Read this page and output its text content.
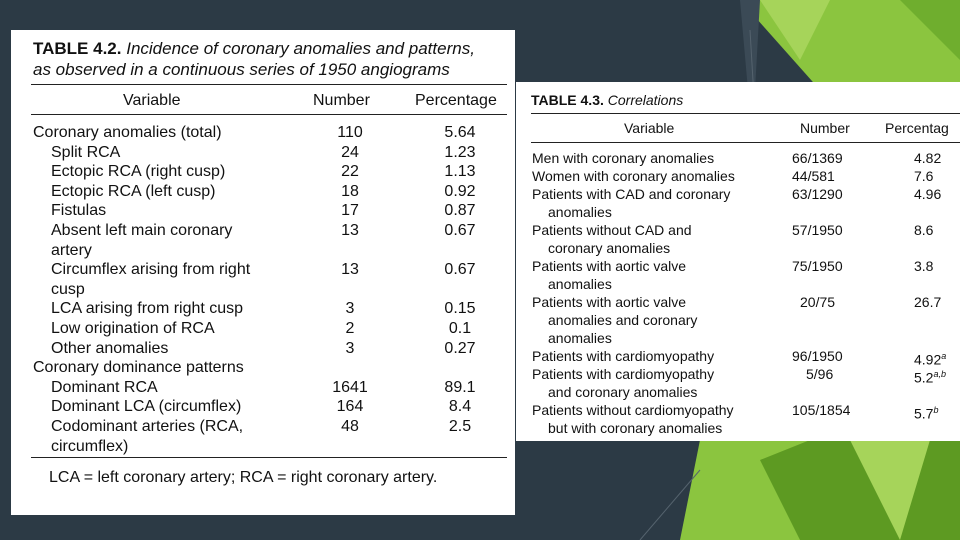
TABLE 4.2. Incidence of coronary anomalies and patterns,
as observed in a continuous series of 1950 angiograms
Variable	Number	Percentage
Coronary anomalies (total)	110	5.64
Split RCA	24	1.23
Ectopic RCA (right cusp)	22	1.13
Ectopic RCA (left cusp)	18	0.92
Fistulas	17	0.87
Absent left main coronary	13	0.67
artery
Circumflex arising from right	13	0.67
cusp
LCA arising from right cusp	3	0.15
Low origination of RCA	2	0.1
Other anomalies	3	0.27
Coronary dominance patterns
Dominant RCA	1641	89.1
Dominant LCA (circumflex)	164	8.4
Codominant arteries (RCA,	48	2.5
circumflex)
LCA = left coronary artery; RCA = right coronary artery.
TABLE 4.3. Correlations
Variable	Number	Percentag
Men with coronary anomalies	66/1369	4.82
Women with coronary anomalies	44/581	7.6
Patients with CAD and coronary	63/1290	4.96
anomalies
Patients without CAD and	57/1950	8.6
coronary anomalies
Patients with aortic valve	75/1950	3.8
anomalies
Patients with aortic valve	20/75	26.7
anomalies and coronary
anomalies
Patients with cardiomyopathy	96/1950	4.92$^a$
Patients with cardiomyopathy	5/96	5.2$^{a,b}$
and coronary anomalies
Patients without cardiomyopathy	105/1854	5.7$^b$
but with coronary anomalies
